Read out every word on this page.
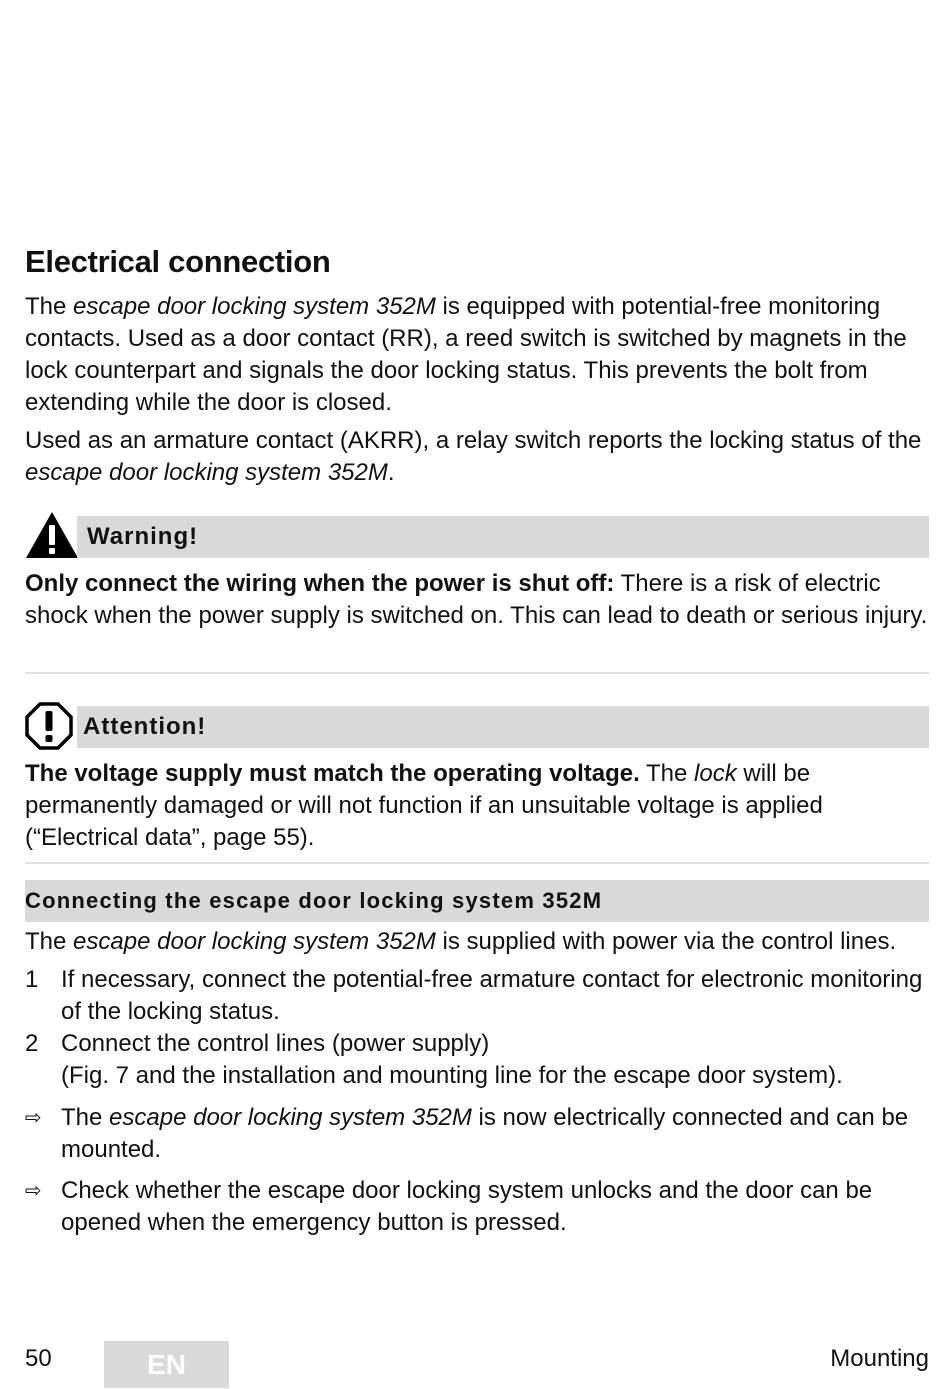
Electrical connection

The escape door locking system 352M is equipped with potential-free monitoring contacts. Used as a door contact (RR), a reed switch is switched by magnets in the lock counterpart and signals the door locking status. This prevents the bolt from extending while the door is closed.

Used as an armature contact (AKRR), a relay switch reports the locking status of the escape door locking system 352M.

Warning!

Only connect the wiring when the power is shut off: There is a risk of electric shock when the power supply is switched on. This can lead to death or serious injury.

Attention!

The voltage supply must match the operating voltage. The lock will be permanently damaged or will not function if an unsuitable voltage is applied (“Electrical data”, page 55).

Connecting the escape door locking system 352M

The escape door locking system 352M is supplied with power via the control lines.

1 If necessary, connect the potential-free armature contact for electronic monitoring of the locking status.
2 Connect the control lines (power supply)
(Fig. 7 and the installation and mounting line for the escape door system).
⇨ The escape door locking system 352M is now electrically connected and can be mounted.
⇨ Check whether the escape door locking system unlocks and the door can be opened when the emergency button is pressed.
50	EN	Mounting
